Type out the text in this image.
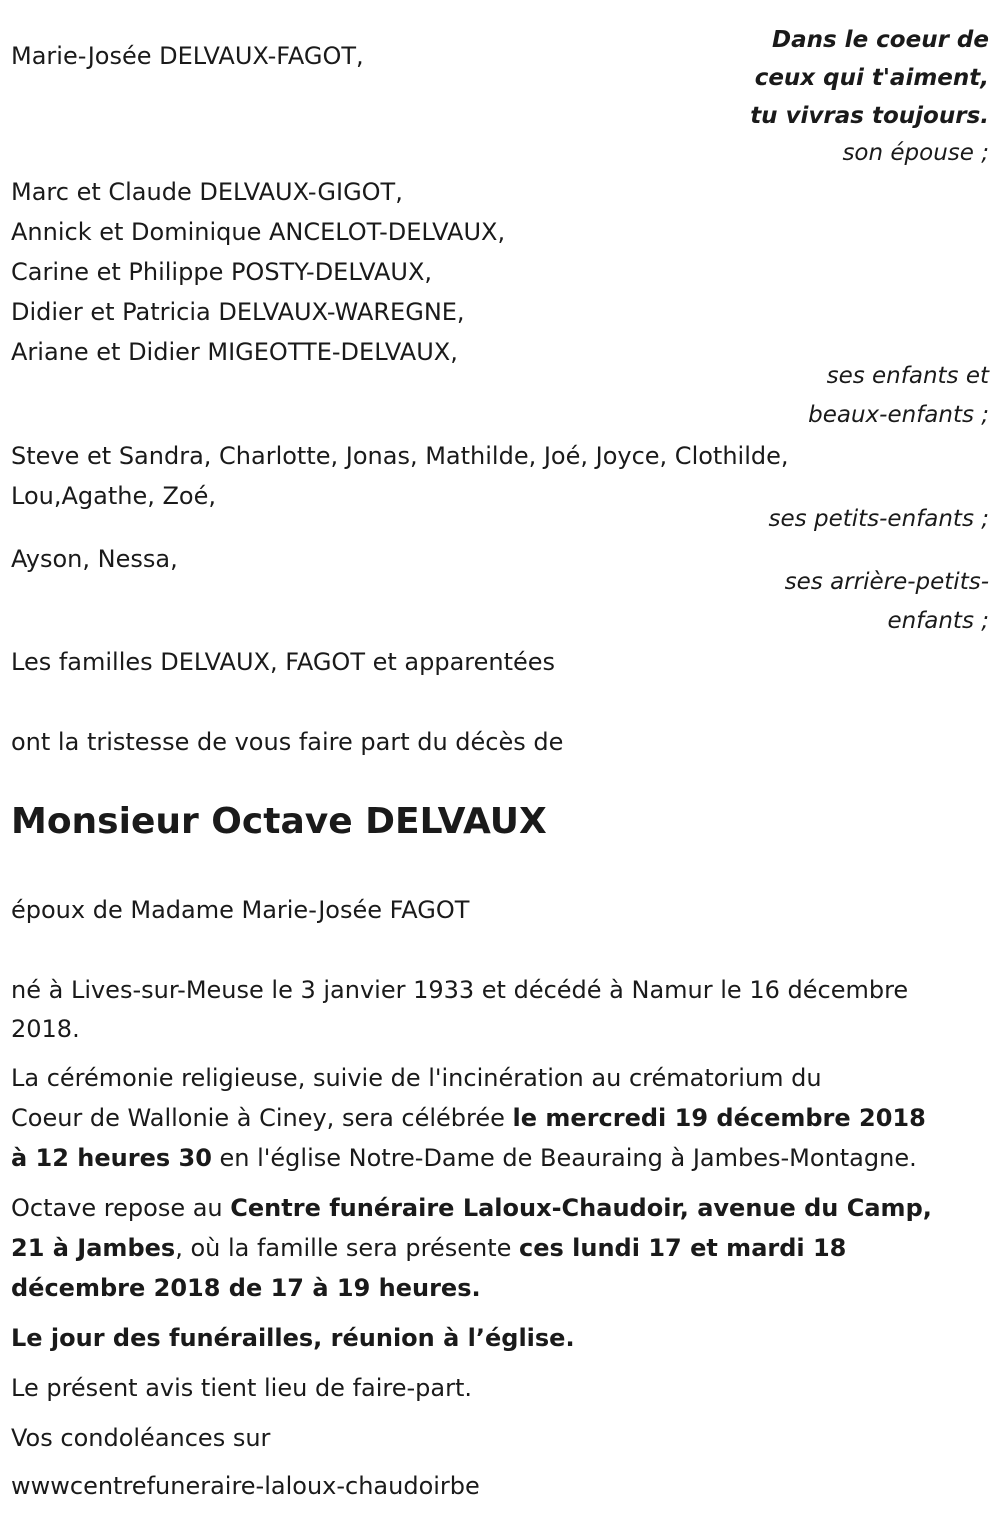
Marie-Josée DELVAUX-FAGOT,

Dans le coeur de

ceux qui t'aiment,

tu vivras toujours.

son épouse ;

Marc et Claude DELVAUX-GIGOT,

Annick et Dominique ANCELOT-DELVAUX,

Carine et Philippe POSTY-DELVAUX,

Didier et Patricia DELVAUX-WAREGNE,

Ariane et Didier MIGEOTTE-DELVAUX,

ses enfants et

beaux-enfants ;

Steve et Sandra, Charlotte, Jonas, Mathilde, Joé, Joyce, Clothilde,

Lou,Agathe, Zoé,

ses petits-enfants ;

Ayson, Nessa,

ses arrière-petits-

enfants ;

Les familles DELVAUX, FAGOT et apparentées

ont la tristesse de vous faire part du décès de

Monsieur Octave DELVAUX

époux de Madame Marie-Josée FAGOT

né à Lives-sur-Meuse le 3 janvier 1933 et décédé à Namur le 16 décembre

2018.

La cérémonie religieuse, suivie de l'incinération au crématorium du

Coeur de Wallonie à Ciney, sera célébrée le mercredi 19 décembre 2018

à 12 heures 30 en l'église Notre-Dame de Beauraing à Jambes-Montagne.

Octave repose au Centre funéraire Laloux-Chaudoir, avenue du Camp,

21 à Jambes, où la famille sera présente ces lundi 17 et mardi 18

décembre 2018 de 17 à 19 heures.

Le jour des funérailles, réunion à l’église.

Le présent avis tient lieu de faire-part.

Vos condoléances sur

wwwcentrefuneraire-laloux-chaudoirbe
